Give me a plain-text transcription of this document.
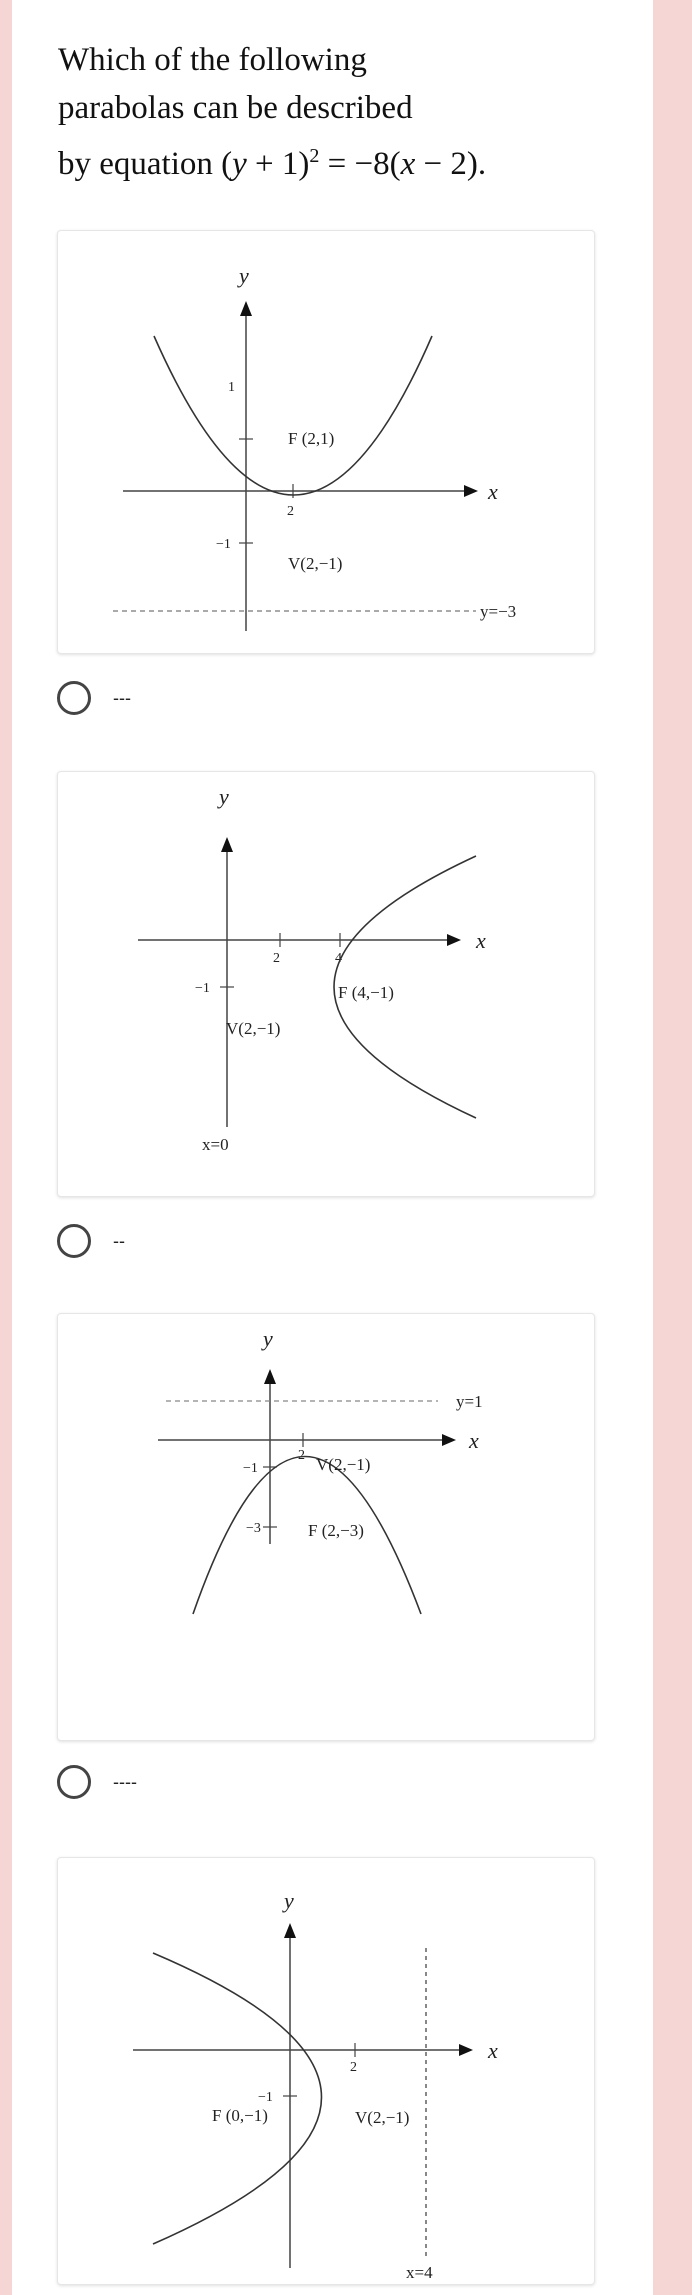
Which of the following
parabolas can be described
by equation $(y + 1)^2 = -8(x - 2)$.
x
y
2
1
−1
F (2,1)
V(2,−1)
y=−3
---
x
y
2	4
−1	F (4,−1)
V(2,−1)
x=0
--
x
y
y=1
2
−1
−3
V(2,−1)
F (2,−3)
----
x
y
2
−1
F (0,−1)	V(2,−1)
x=4
